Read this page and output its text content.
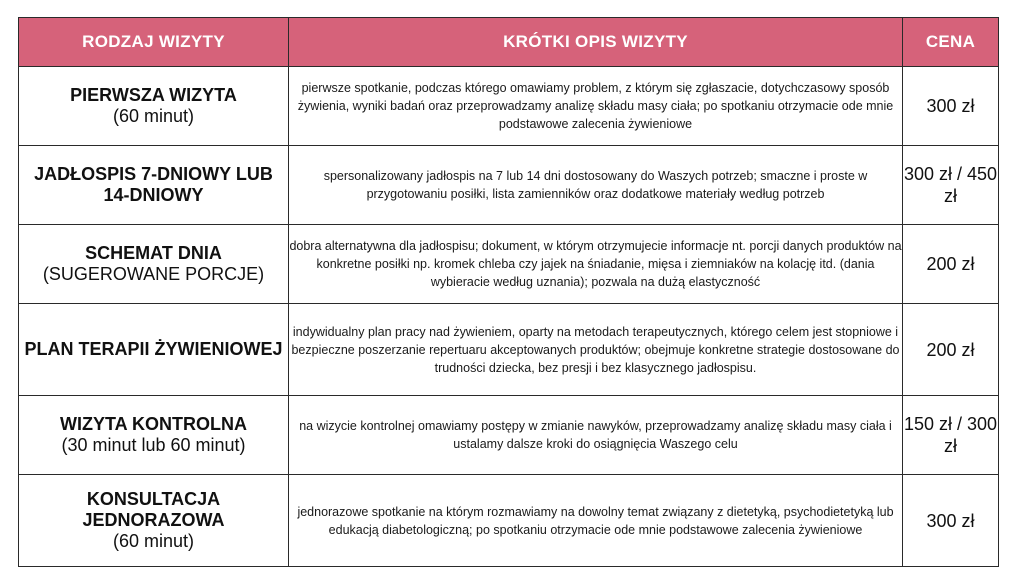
RODZAJ WIZYTY	KRÓTKI OPIS WIZYTY	CENA

PIERWSZA WIZYTA
(60 minut)	pierwsze spotkanie, podczas którego omawiamy problem, z którym się zgłaszacie, dotychczasowy sposób żywienia, wyniki badań oraz przeprowadzamy analizę składu masy ciała; po spotkaniu otrzymacie ode mnie podstawowe zalecenia żywieniowe	300 zł

JADŁOSPIS 7-DNIOWY LUB 14-DNIOWY	spersonalizowany jadłospis na 7 lub 14 dni dostosowany do Waszych potrzeb; smaczne i proste w przygotowaniu posiłki, lista zamienników oraz dodatkowe materiały według potrzeb	300 zł / 450 zł

SCHEMAT DNIA
(SUGEROWANE PORCJE)	dobra alternatywna dla jadłospisu; dokument, w którym otrzymujecie informacje nt. porcji danych produktów na konkretne posiłki np. kromek chleba czy jajek na śniadanie, mięsa i ziemniaków na kolację itd. (dania wybieracie według uznania); pozwala na dużą elastyczność	200 zł

PLAN TERAPII ŻYWIENIOWEJ	indywidualny plan pracy nad żywieniem, oparty na metodach terapeutycznych, którego celem jest stopniowe i bezpieczne poszerzanie repertuaru akceptowanych produktów; obejmuje konkretne strategie dostosowane do trudności dziecka, bez presji i bez klasycznego jadłospisu.	200 zł

WIZYTA KONTROLNA
(30 minut lub 60 minut)	na wizycie kontrolnej omawiamy postępy w zmianie nawyków, przeprowadzamy analizę składu masy ciała i ustalamy dalsze kroki do osiągnięcia Waszego celu	150 zł / 300 zł

KONSULTACJA JEDNORAZOWA
(60 minut)	jednorazowe spotkanie na którym rozmawiamy na dowolny temat związany z dietetyką, psychodietetyką lub edukacją diabetologiczną; po spotkaniu otrzymacie ode mnie podstawowe zalecenia żywieniowe	300 zł
